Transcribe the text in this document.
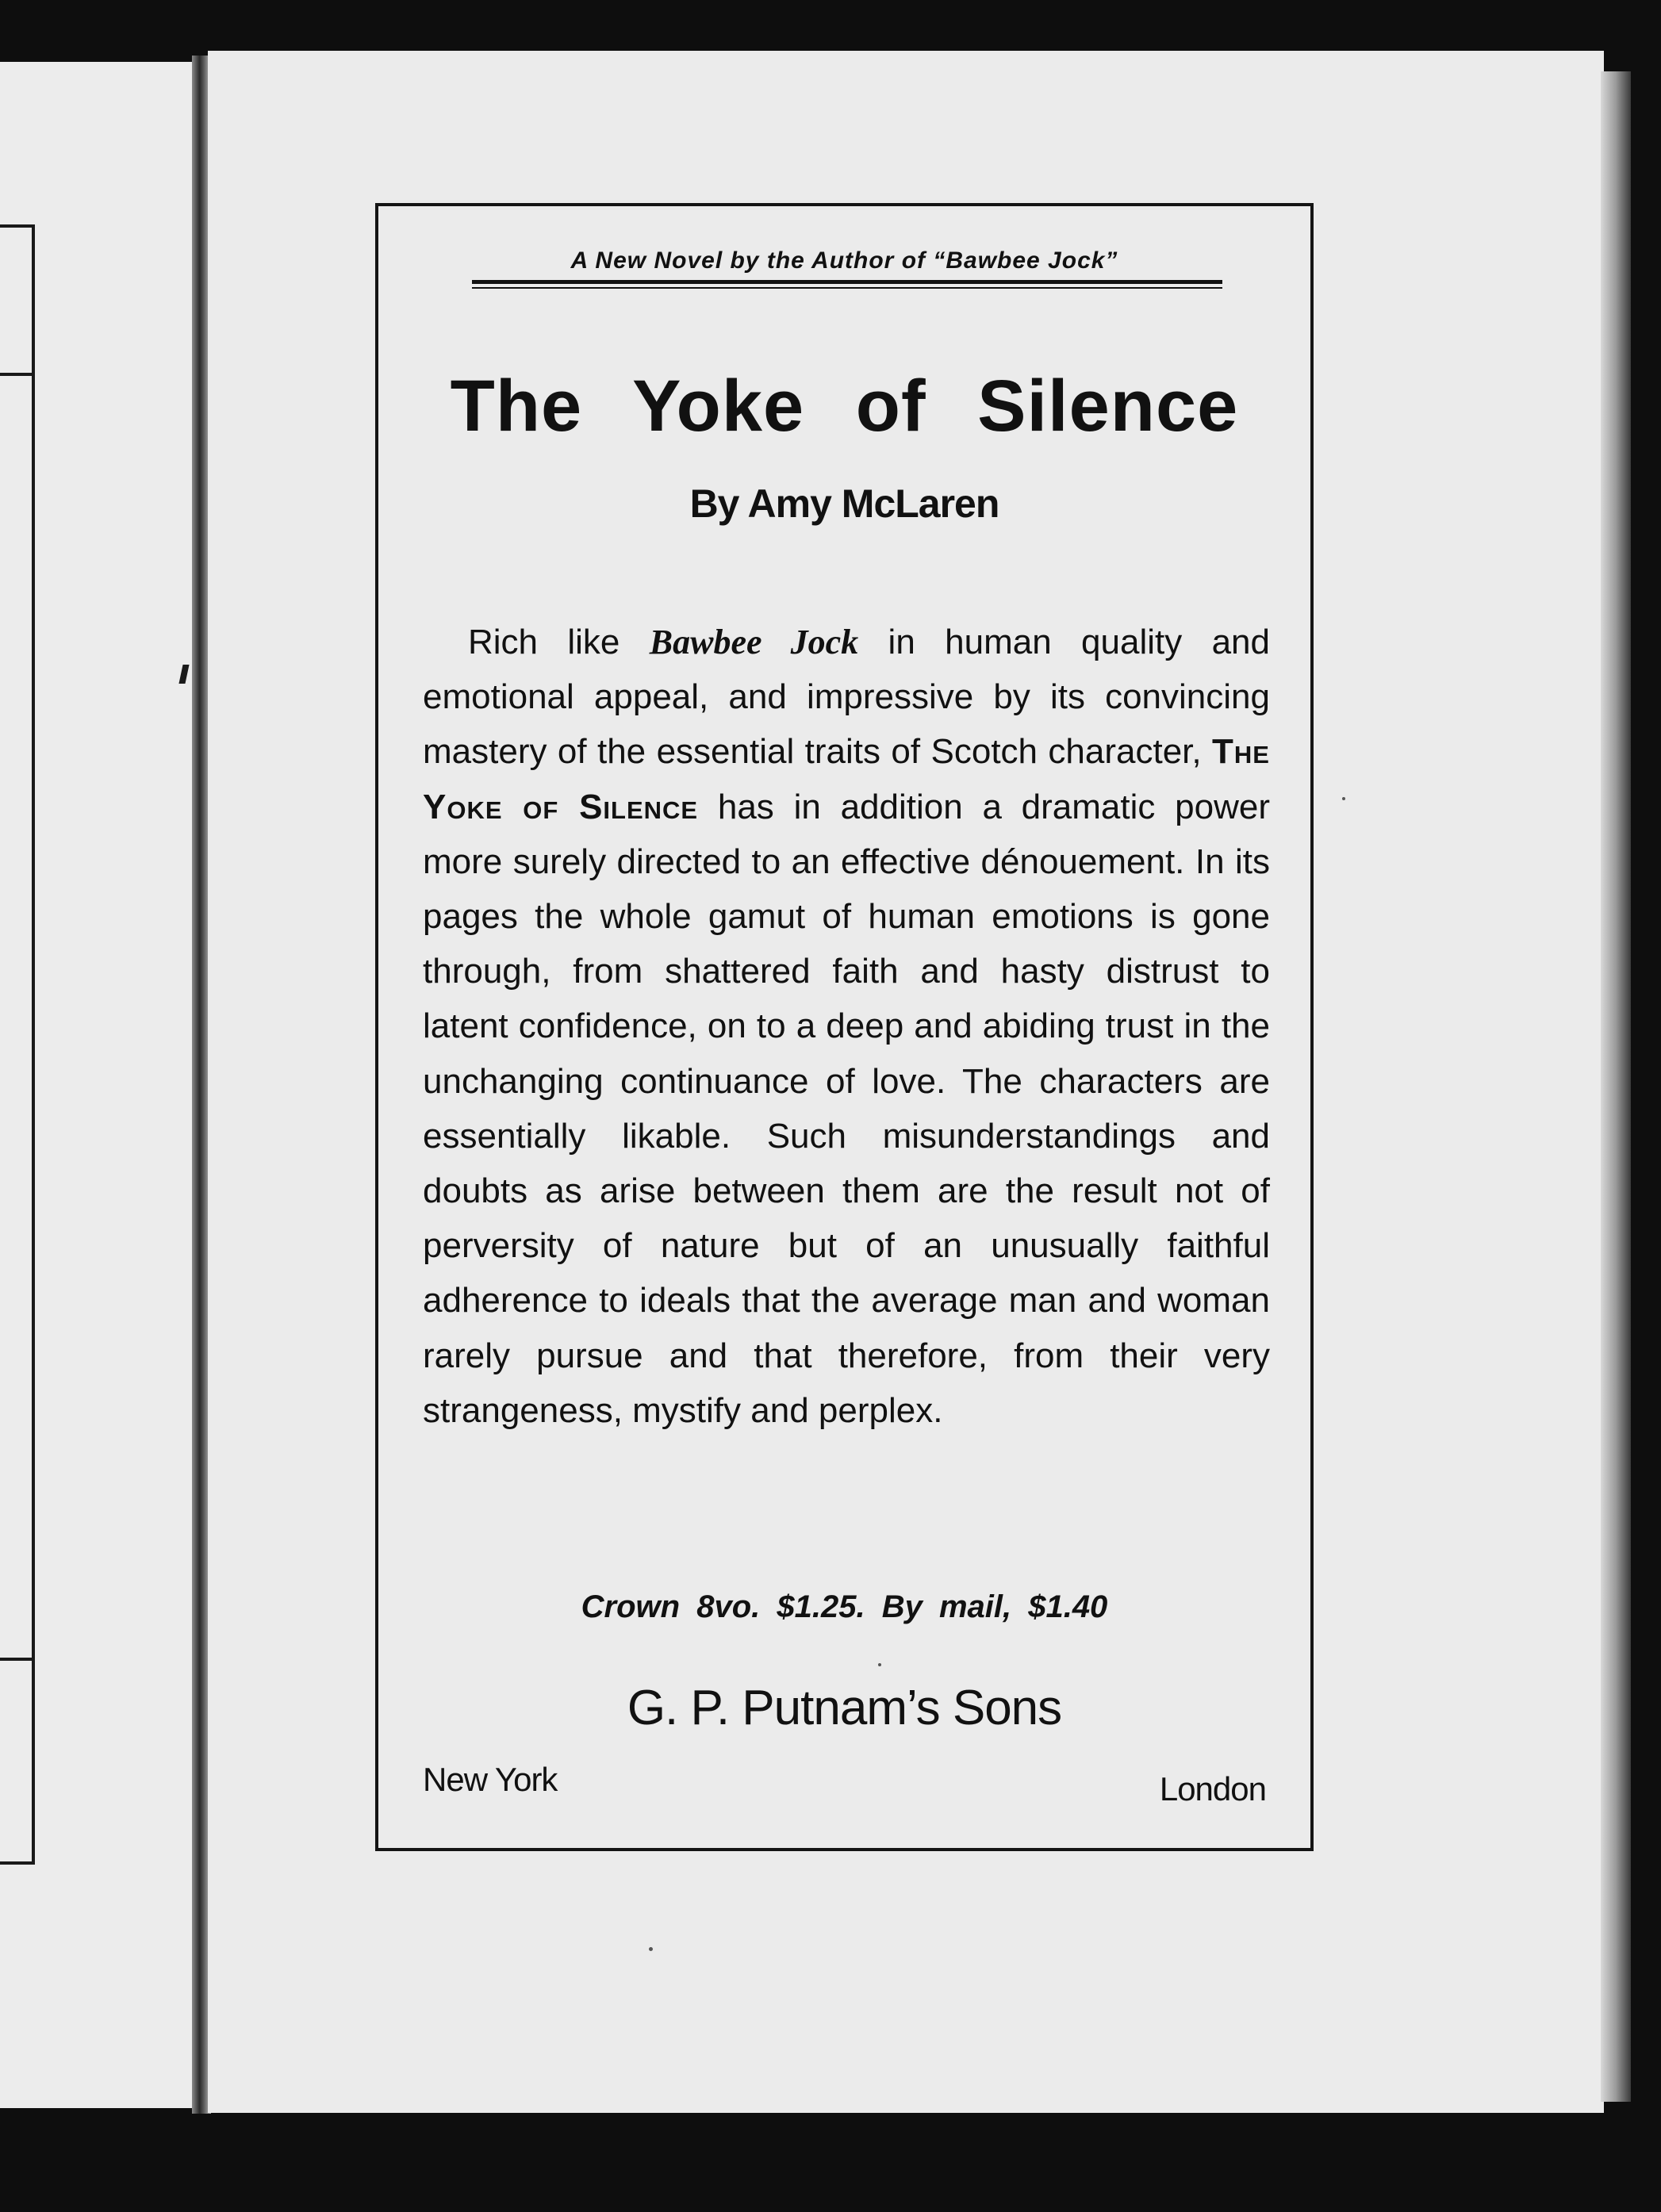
A New Novel by the Author of “Bawbee Jock”
The Yoke of Silence
By Amy McLaren

Rich like Bawbee Jock in human quality and emotional appeal, and impressive by its convincing mastery of the essential traits of Scotch character, The Yoke of Silence has in addition a dramatic power more surely directed to an effective dénouement. In its pages the whole gamut of human emotions is gone through, from shattered faith and hasty distrust to latent confidence, on to a deep and abiding trust in the unchanging continuance of love. The characters are essentially likable. Such misunderstandings and doubts as arise between them are the result not of perversity of nature but of an unusually faithful adherence to ideals that the average man and woman rarely pursue and that therefore, from their very strangeness, mystify and perplex.

Crown 8vo. $1.25. By mail, $1.40
G. P. Putnam’s Sons
New York	London
